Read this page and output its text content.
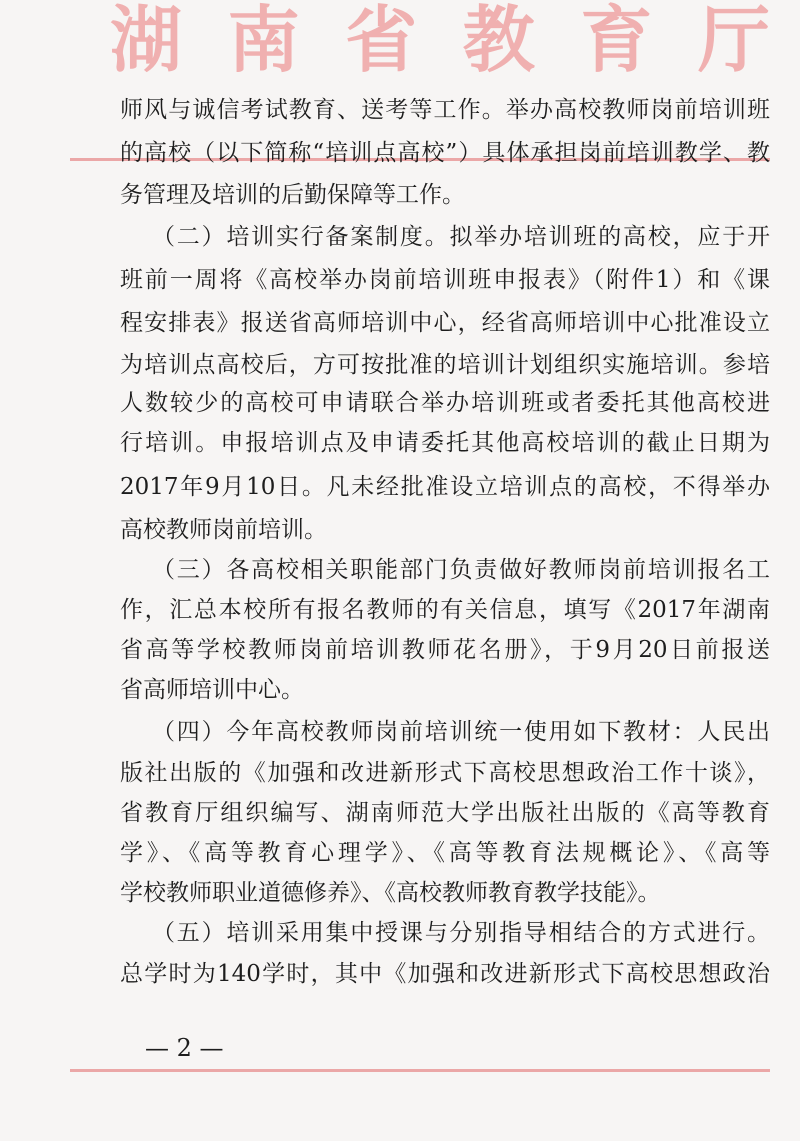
湖南省教育厅
师风与诚信考试教育、送考等工作。举办高校教师岗前培训班
的高校（以下简称“培训点高校”）具体承担岗前培训教学、教
务管理及培训的后勤保障等工作。
（二）培训实行备案制度。拟举办培训班的高校，应于开
班前一周将《高校举办岗前培训班申报表》（附件1）和《课
程安排表》报送省高师培训中心，经省高师培训中心批准设立
为培训点高校后，方可按批准的培训计划组织实施培训。参培
人数较少的高校可申请联合举办培训班或者委托其他高校进
行培训。申报培训点及申请委托其他高校培训的截止日期为
2017年9月10日。凡未经批准设立培训点的高校，不得举办
高校教师岗前培训。
（三）各高校相关职能部门负责做好教师岗前培训报名工
作，汇总本校所有报名教师的有关信息，填写《2017年湖南
省高等学校教师岗前培训教师花名册》，于9月20日前报送
省高师培训中心。
（四）今年高校教师岗前培训统一使用如下教材：人民出
版社出版的《加强和改进新形式下高校思想政治工作十谈》，
省教育厅组织编写、湖南师范大学出版社出版的《高等教育
学》、《高等教育心理学》、《高等教育法规概论》、《高等
学校教师职业道德修养》、《高校教师教育教学技能》。
（五）培训采用集中授课与分别指导相结合的方式进行。
总学时为140学时，其中《加强和改进新形式下高校思想政治
— 2 —
